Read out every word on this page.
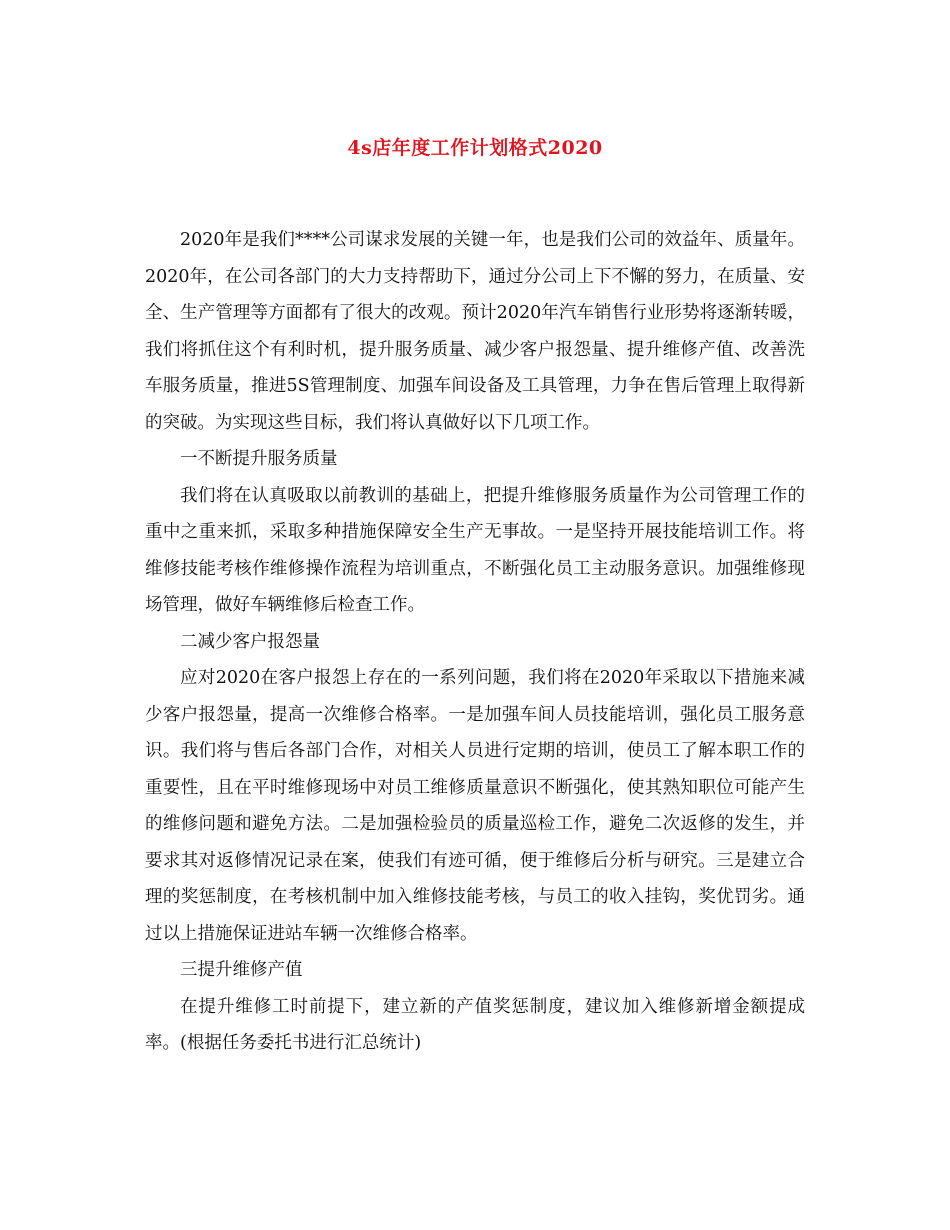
4s店年度工作计划格式2020

2020年是我们****公司谋求发展的关键一年，也是我们公司的效益年、质量年。2020年，在公司各部门的大力支持帮助下，通过分公司上下不懈的努力，在质量、安全、生产管理等方面都有了很大的改观。预计2020年汽车销售行业形势将逐渐转暖，我们将抓住这个有利时机，提升服务质量、减少客户报怨量、提升维修产值、改善洗车服务质量，推进5S管理制度、加强车间设备及工具管理，力争在售后管理上取得新的突破。为实现这些目标，我们将认真做好以下几项工作。

一不断提升服务质量

我们将在认真吸取以前教训的基础上，把提升维修服务质量作为公司管理工作的重中之重来抓，采取多种措施保障安全生产无事故。一是坚持开展技能培训工作。将维修技能考核作维修操作流程为培训重点，不断强化员工主动服务意识。加强维修现场管理，做好车辆维修后检查工作。

二减少客户报怨量

应对2020在客户报怨上存在的一系列问题，我们将在2020年采取以下措施来减少客户报怨量，提高一次维修合格率。一是加强车间人员技能培训，强化员工服务意识。我们将与售后各部门合作，对相关人员进行定期的培训，使员工了解本职工作的重要性，且在平时维修现场中对员工维修质量意识不断强化，使其熟知职位可能产生的维修问题和避免方法。二是加强检验员的质量巡检工作，避免二次返修的发生，并要求其对返修情况记录在案，使我们有迹可循，便于维修后分析与研究。三是建立合理的奖惩制度，在考核机制中加入维修技能考核，与员工的收入挂钩，奖优罚劣。通过以上措施保证进站车辆一次维修合格率。

三提升维修产值

在提升维修工时前提下，建立新的产值奖惩制度，建议加入维修新增金额提成率。(根据任务委托书进行汇总统计)
